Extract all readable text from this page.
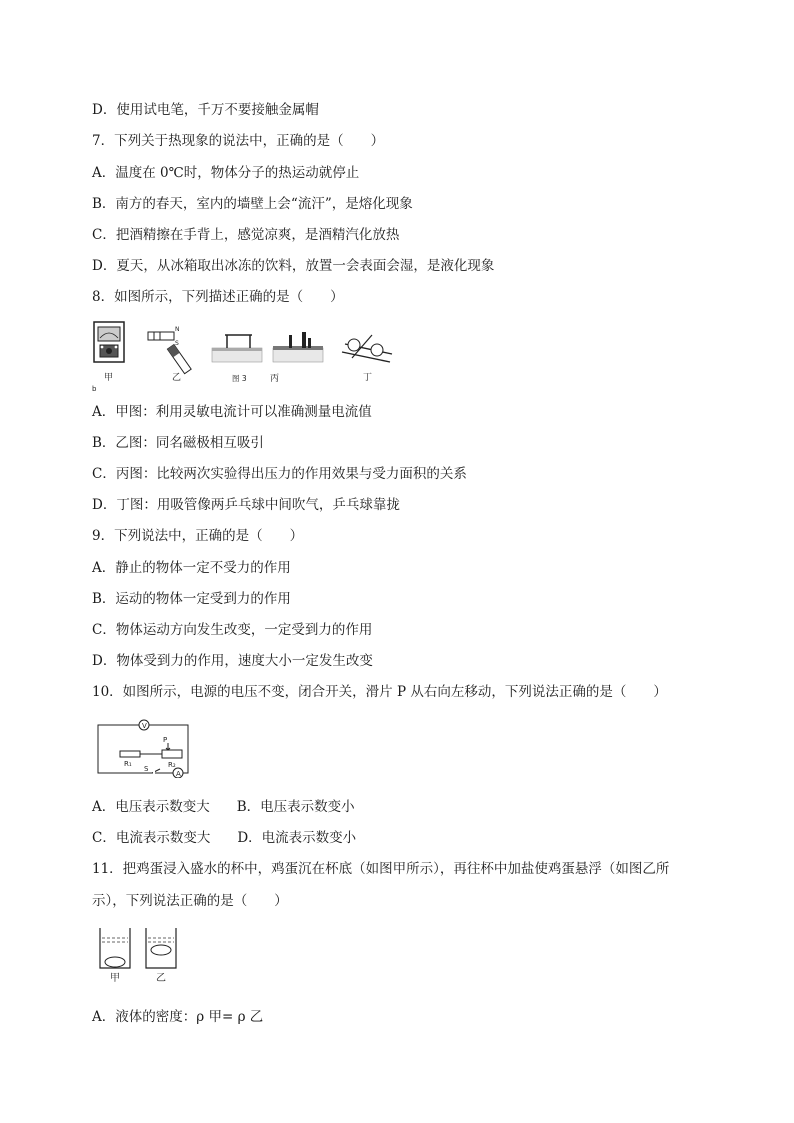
D．使用试电笔，千万不要接触金属帽
7．下列关于热现象的说法中，正确的是（　　）
A．温度在 0℃时，物体分子的热运动就停止
B．南方的春天，室内的墙壁上会“流汗”，是熔化现象
C．把酒精擦在手背上，感觉凉爽，是酒精汽化放热
D．夏天，从冰箱取出冰冻的饮料，放置一会表面会湿，是液化现象
8．如图所示，下列描述正确的是（　　）
N
S
甲	乙	图 3	丙	丁
b
A．甲图：利用灵敏电流计可以准确测量电流值
B．乙图：同名磁极相互吸引
C．丙图：比较两次实验得出压力的作用效果与受力面积的关系
D．丁图：用吸管像两乒乓球中间吹气，乒乓球靠拢
9．下列说法中，正确的是（　　）
A．静止的物体一定不受力的作用
B．运动的物体一定受到力的作用
C．物体运动方向发生改变，一定受到力的作用
D．物体受到力的作用，速度大小一定发生改变
10．如图所示，电源的电压不变，闭合开关，滑片 P 从右向左移动，下列说法正确的是（　　）
V
P
R₁	R₂
S
A
A．电压表示数变大　　B．电压表示数变小
C．电流表示数变大　　D．电流表示数变小
11．把鸡蛋浸入盛水的杯中，鸡蛋沉在杯底（如图甲所示），再往杯中加盐使鸡蛋悬浮（如图乙所
示），下列说法正确的是（　　）
甲	乙
A．液体的密度：ρ 甲= ρ 乙
